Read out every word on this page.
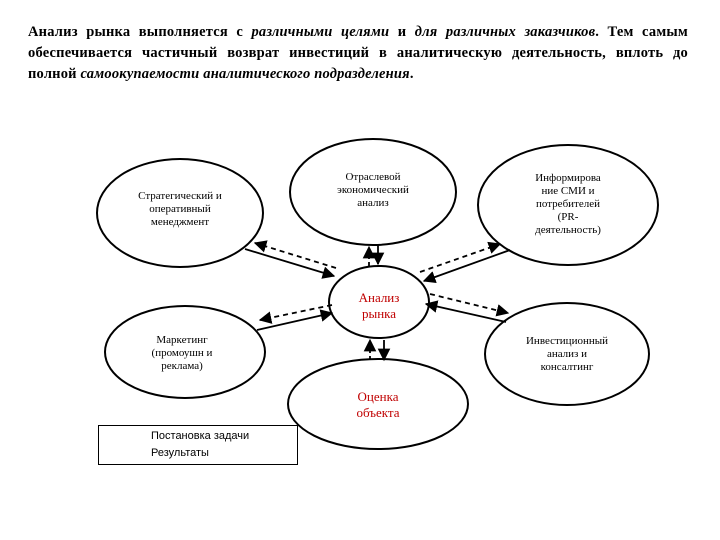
Анализ рынка выполняется с различными целями и для различных заказчиков. Тем самым обеспечивается частичный возврат инвестиций в аналитическую деятельность, вплоть до полной самоокупаемости аналитического подразделения.
Стратегический и
оперативный
менеджмент
Отраслевой
экономический
анализ
Информирова
ние СМИ и
потребителей
(PR-
деятельность)
Анализ
рынка
Маркетинг
(промоушн и
реклама)
Инвестиционный
анализ и
консалтинг
Оценка
объекта
Постановка задачи
Результаты
